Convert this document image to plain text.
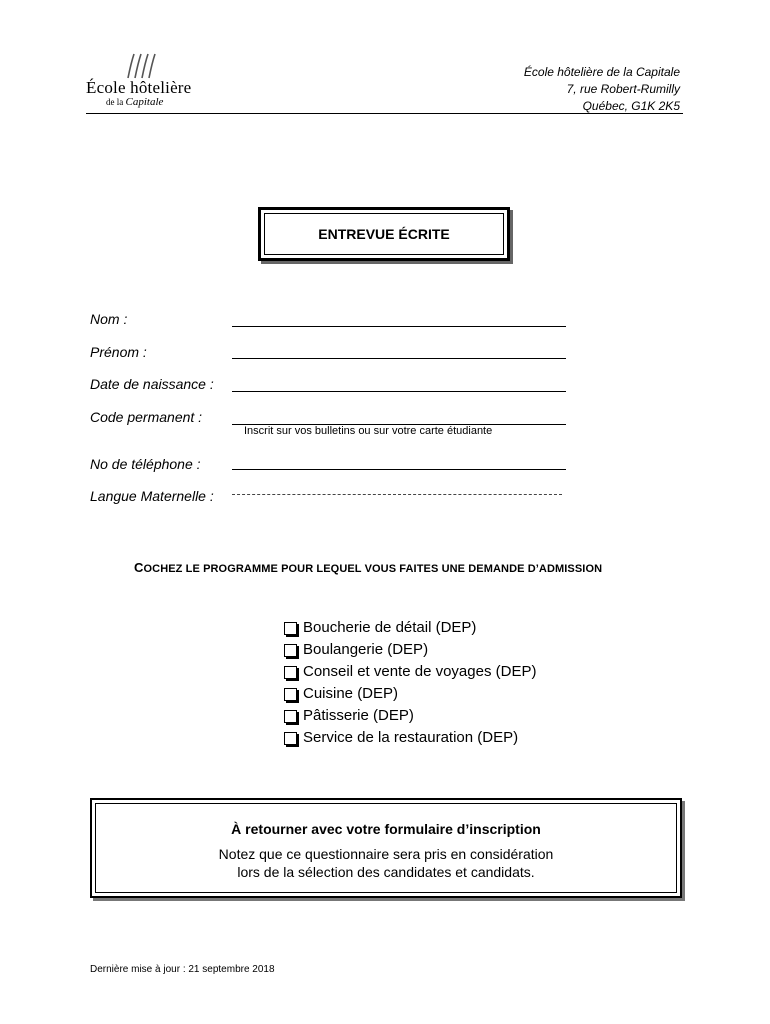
École hôtelière
de la Capitale
École hôtelière de la Capitale
7, rue Robert-Rumilly
Québec, G1K 2K5
ENTREVUE ÉCRITE
Nom :
Prénom :
Date de naissance :
Code permanent :
Inscrit sur vos bulletins ou sur votre carte étudiante
No de téléphone :
Langue Maternelle :
COCHEZ LE PROGRAMME POUR LEQUEL VOUS FAITES UNE DEMANDE D’ADMISSION
Boucherie de détail (DEP)
Boulangerie (DEP)
Conseil et vente de voyages (DEP)
Cuisine (DEP)
Pâtisserie (DEP)
Service de la restauration (DEP)
À retourner avec votre formulaire d’inscription
Notez que ce questionnaire sera pris en considération
lors de la sélection des candidates et candidats.
Dernière mise à jour : 21 septembre 2018
